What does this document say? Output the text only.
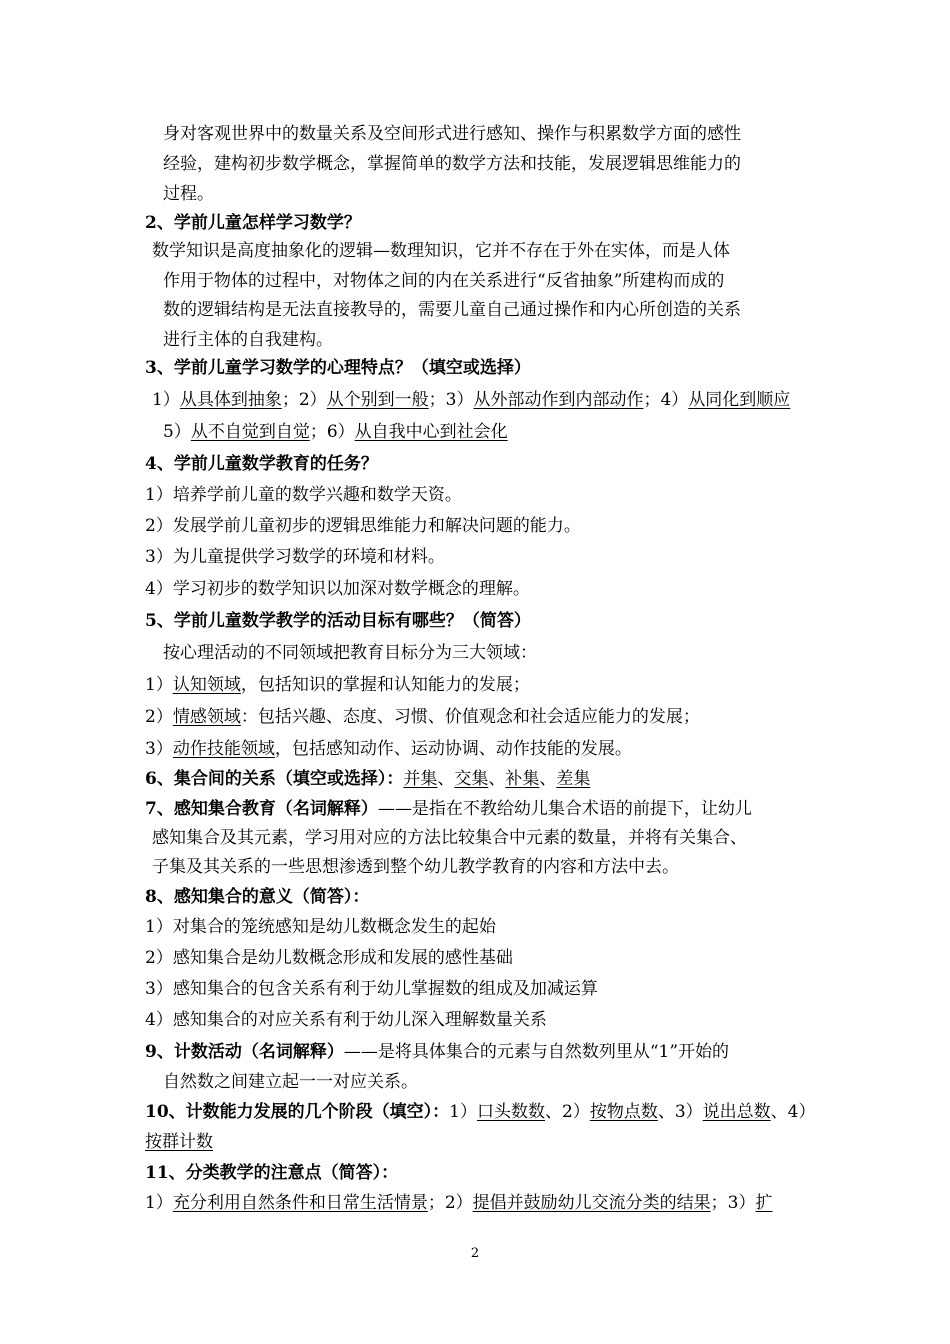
身对客观世界中的数量关系及空间形式进行感知、操作与积累数学方面的感性
经验，建构初步数学概念，掌握简单的数学方法和技能，发展逻辑思维能力的
过程。
2、学前儿童怎样学习数学？
数学知识是高度抽象化的逻辑—数理知识，它并不存在于外在实体，而是人体
作用于物体的过程中，对物体之间的内在关系进行“反省抽象”所建构而成的
数的逻辑结构是无法直接教导的，需要儿童自己通过操作和内心所创造的关系
进行主体的自我建构。
3、学前儿童学习数学的心理特点？（填空或选择）
1）从具体到抽象；2）从个别到一般；3）从外部动作到内部动作；4）从同化到顺应
5）从不自觉到自觉；6）从自我中心到社会化
4、学前儿童数学教育的任务？
1）培养学前儿童的数学兴趣和数学天资。
2）发展学前儿童初步的逻辑思维能力和解决问题的能力。
3）为儿童提供学习数学的环境和材料。
4）学习初步的数学知识以加深对数学概念的理解。
5、学前儿童数学教学的活动目标有哪些？（简答）
按心理活动的不同领域把教育目标分为三大领域：
1）认知领域，包括知识的掌握和认知能力的发展；
2）情感领域：包括兴趣、态度、习惯、价值观念和社会适应能力的发展；
3）动作技能领域，包括感知动作、运动协调、动作技能的发展。
6、集合间的关系（填空或选择）：并集、交集、补集、差集
7、感知集合教育（名词解释）——是指在不教给幼儿集合术语的前提下，让幼儿
感知集合及其元素，学习用对应的方法比较集合中元素的数量，并将有关集合、
子集及其关系的一些思想渗透到整个幼儿教学教育的内容和方法中去。
8、感知集合的意义（简答）：
1）对集合的笼统感知是幼儿数概念发生的起始
2）感知集合是幼儿数概念形成和发展的感性基础
3）感知集合的包含关系有利于幼儿掌握数的组成及加减运算
4）感知集合的对应关系有利于幼儿深入理解数量关系
9、计数活动（名词解释）——是将具体集合的元素与自然数列里从“1”开始的
自然数之间建立起一一对应关系。
10、计数能力发展的几个阶段（填空）：1）口头数数、2）按物点数、3）说出总数、4）
按群计数
11、分类教学的注意点（简答）：
1）充分利用自然条件和日常生活情景；2）提倡并鼓励幼儿交流分类的结果；3）扩
2
